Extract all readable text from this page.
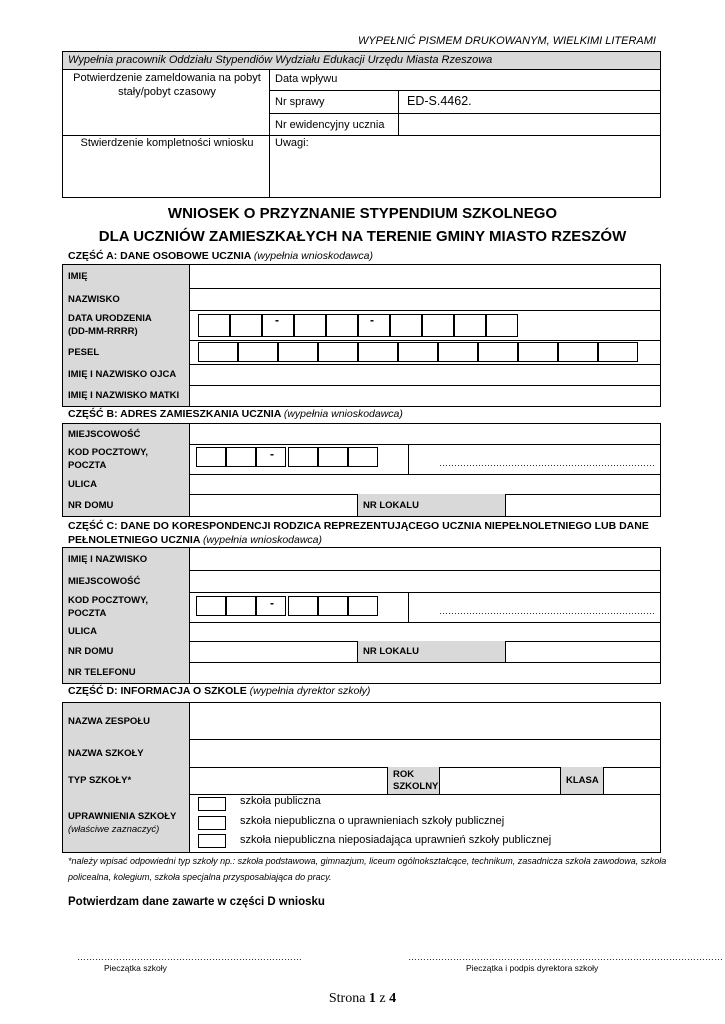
WYPEŁNIĆ PISMEM DRUKOWANYM, WIELKIMI LITERAMI
Wypełnia pracownik Oddziału Stypendiów Wydziału Edukacji Urzędu Miasta Rzeszowa
Potwierdzenie zameldowania na pobyt stały/pobyt czasowy
Data wpływu
Nr sprawy	ED-S.4462.
Nr ewidencyjny ucznia
Stwierdzenie kompletności wniosku	Uwagi:
WNIOSEK O PRZYZNANIE STYPENDIUM SZKOLNEGO
DLA UCZNIÓW ZAMIESZKAŁYCH NA TERENIE GMINY MIASTO RZESZÓW
CZĘŚĆ A: DANE OSOBOWE UCZNIA (wypełnia wnioskodawca)
IMIĘ
NAZWISKO
DATA URODZENIA
(DD-MM-RRRR)
-	-
PESEL
IMIĘ I NAZWISKO OJCA
IMIĘ I NAZWISKO MATKI
CZĘŚĆ B: ADRES ZAMIESZKANIA UCZNIA (wypełnia wnioskodawca)
MIEJSCOWOŚĆ
KOD POCZTOWY,
POCZTA
-
………………………………………………………………
ULICA
NR DOMU	NR LOKALU
CZĘŚĆ C: DANE DO KORESPONDENCJI RODZICA REPREZENTUJĄCEGO UCZNIA NIEPEŁNOLETNIEGO LUB DANE
PEŁNOLETNIEGO UCZNIA (wypełnia wnioskodawca)
IMIĘ I NAZWISKO
MIEJSCOWOŚĆ
KOD POCZTOWY,
POCZTA
-
………………………………………………………………
ULICA
NR DOMU	NR LOKALU
NR TELEFONU
CZĘŚĆ D: INFORMACJA O SZKOLE (wypełnia dyrektor szkoły)
NAZWA ZESPOŁU
NAZWA SZKOŁY
TYP SZKOŁY*
ROK
SZKOLNY	KLASA
UPRAWNIENIA SZKOŁY
(właściwe zaznaczyć)
szkoła publiczna
szkoła niepubliczna o uprawnieniach szkoły publicznej
szkoła niepubliczna nieposiadająca uprawnień szkoły publicznej
*należy wpisać odpowiedni typ szkoły np.: szkoła podstawowa, gimnazjum, liceum ogólnokształcące, technikum, zasadnicza szkoła zawodowa, szkoła policealna, kolegium, szkoła specjalna przysposabiająca do pracy.
Potwierdzam dane zawarte w części D wniosku
…………………………………………………………………
Pieczątka szkoły
……………………………………………………………………………………………
Pieczątka i podpis dyrektora szkoły
Strona 1 z 4
